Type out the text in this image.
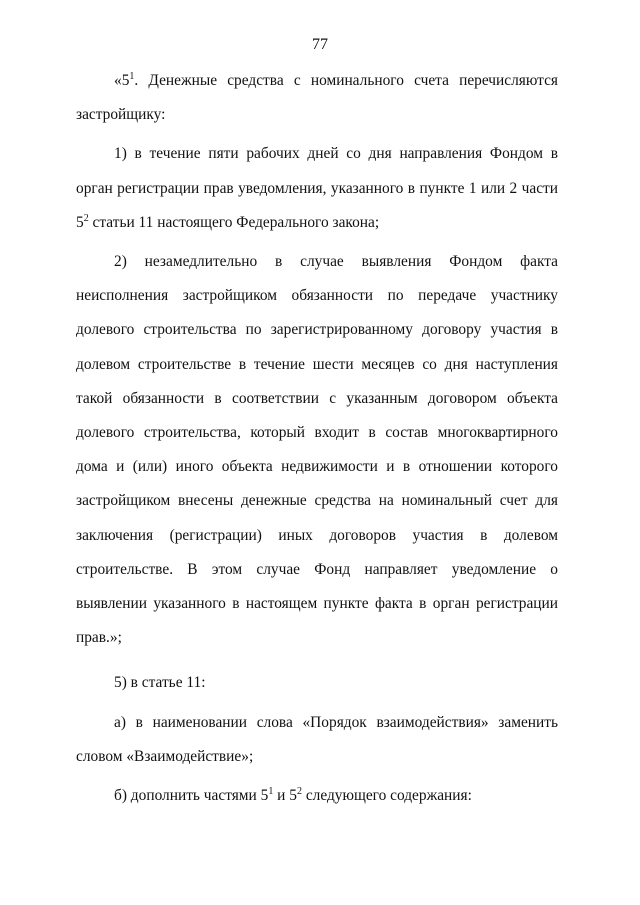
77

«$5^1$. Денежные средства с номинального счета перечисляются застройщику:

1) в течение пяти рабочих дней со дня направления Фондом в орган регистрации прав уведомления, указанного в пункте 1 или 2 части $5^2$ статьи 11 настоящего Федерального закона;

2) незамедлительно в случае выявления Фондом факта неисполнения застройщиком обязанности по передаче участнику долевого строительства по зарегистрированному договору участия в долевом строительстве в течение шести месяцев со дня наступления такой обязанности в соответствии с указанным договором объекта долевого строительства, который входит в состав многоквартирного дома и (или) иного объекта недвижимости и в отношении которого застройщиком внесены денежные средства на номинальный счет для заключения (регистрации) иных договоров участия в долевом строительстве. В этом случае Фонд направляет уведомление о выявлении указанного в настоящем пункте факта в орган регистрации прав.»;

5) в статье 11:

а) в наименовании слова «Порядок взаимодействия» заменить словом «Взаимодействие»;

б) дополнить частями $5^1$ и $5^2$ следующего содержания:
